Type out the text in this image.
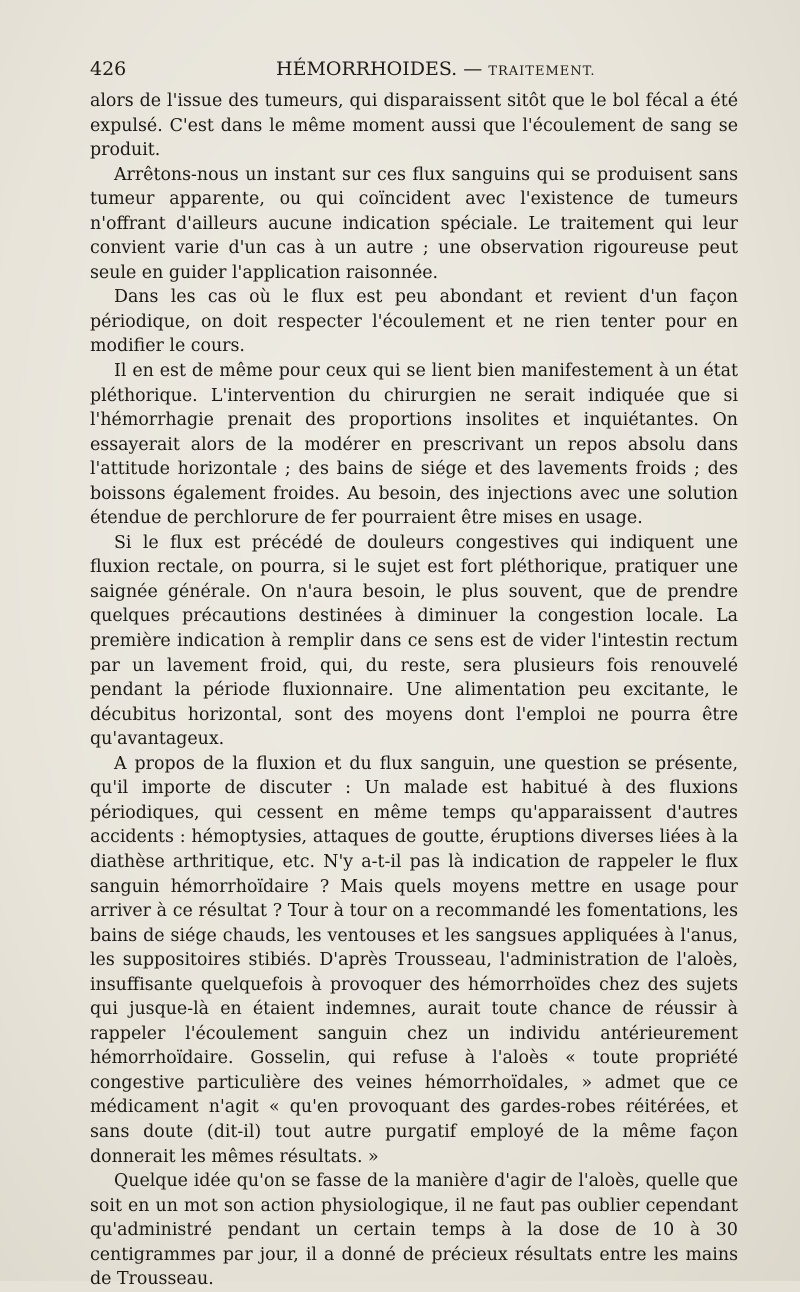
426	HÉMORRHOIDES. — TRAITEMENT.

alors de l'issue des tumeurs, qui disparaissent sitôt que le bol fécal a été expulsé. C'est dans le même moment aussi que l'écoulement de sang se produit.

Arrêtons-nous un instant sur ces flux sanguins qui se produisent sans tumeur apparente, ou qui coïncident avec l'existence de tumeurs n'offrant d'ailleurs aucune indication spéciale. Le traitement qui leur convient varie d'un cas à un autre ; une observation rigoureuse peut seule en guider l'application raisonnée.

Dans les cas où le flux est peu abondant et revient d'un façon périodique, on doit respecter l'écoulement et ne rien tenter pour en modifier le cours.

Il en est de même pour ceux qui se lient bien manifestement à un état pléthorique. L'intervention du chirurgien ne serait indiquée que si l'hémorrhagie prenait des proportions insolites et inquiétantes. On essayerait alors de la modérer en prescrivant un repos absolu dans l'attitude horizontale ; des bains de siége et des lavements froids ; des boissons également froides. Au besoin, des injections avec une solution étendue de perchlorure de fer pourraient être mises en usage.

Si le flux est précédé de douleurs congestives qui indiquent une fluxion rectale, on pourra, si le sujet est fort pléthorique, pratiquer une saignée générale. On n'aura besoin, le plus souvent, que de prendre quelques précautions destinées à diminuer la congestion locale. La première indication à remplir dans ce sens est de vider l'intestin rectum par un lavement froid, qui, du reste, sera plusieurs fois renouvelé pendant la période fluxionnaire. Une alimentation peu excitante, le décubitus horizontal, sont des moyens dont l'emploi ne pourra être qu'avantageux.

A propos de la fluxion et du flux sanguin, une question se présente, qu'il importe de discuter : Un malade est habitué à des fluxions périodiques, qui cessent en même temps qu'apparaissent d'autres accidents : hémoptysies, attaques de goutte, éruptions diverses liées à la diathèse arthritique, etc. N'y a-t-il pas là indication de rappeler le flux sanguin hémorrhoïdaire ? Mais quels moyens mettre en usage pour arriver à ce résultat ? Tour à tour on a recommandé les fomentations, les bains de siége chauds, les ventouses et les sangsues appliquées à l'anus, les suppositoires stibiés. D'après Trousseau, l'administration de l'aloès, insuffisante quelquefois à provoquer des hémorrhoïdes chez des sujets qui jusque-là en étaient indemnes, aurait toute chance de réussir à rappeler l'écoulement sanguin chez un individu antérieurement hémorrhoïdaire. Gosselin, qui refuse à l'aloès « toute propriété congestive particulière des veines hémorrhoïdales, » admet que ce médicament n'agit « qu'en provoquant des gardes-robes réitérées, et sans doute (dit-il) tout autre purgatif employé de la même façon donnerait les mêmes résultats. »

Quelque idée qu'on se fasse de la manière d'agir de l'aloès, quelle que soit en un mot son action physiologique, il ne faut pas oublier cependant qu'administré pendant un certain temps à la dose de 10 à 30 centigrammes par jour, il a donné de précieux résultats entre les mains de Trousseau.
